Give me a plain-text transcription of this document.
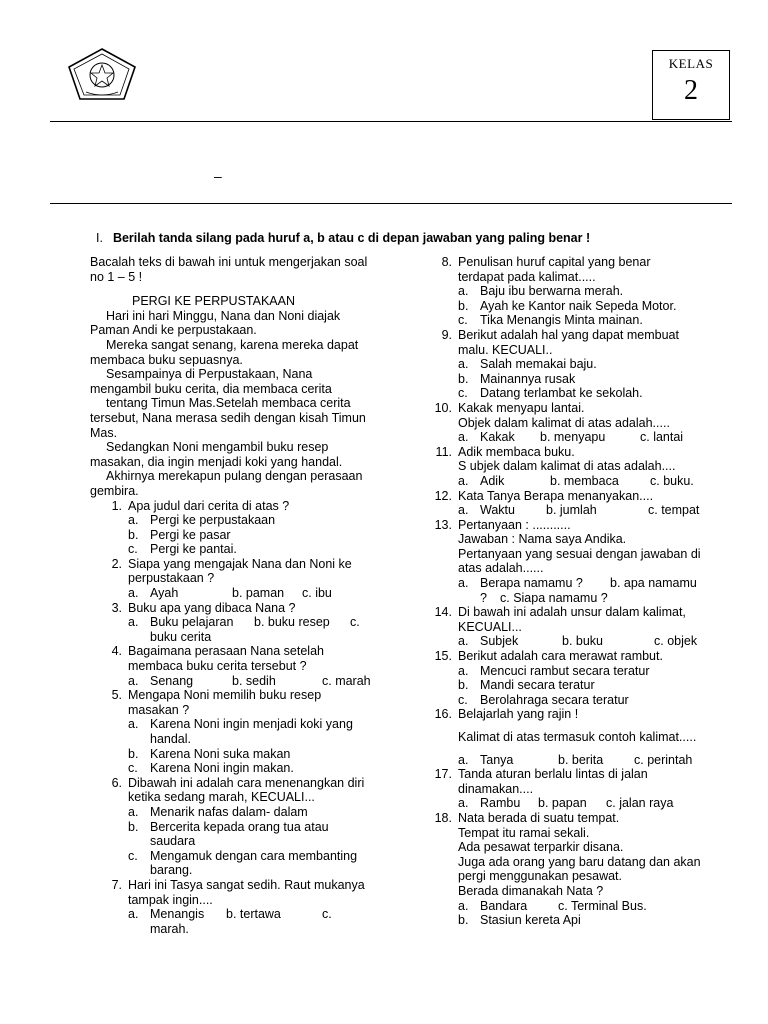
KELAS
2
–
I. Berilah tanda silang pada huruf a, b atau c di depan jawaban yang paling benar !

Bacalah teks di bawah ini untuk mengerjakan soal

no 1 – 5 !

PERGI KE PERPUSTAKAAN

Hari ini hari Minggu, Nana dan Noni diajak

Paman Andi ke perpustakaan.

Mereka sangat senang, karena mereka dapat

membaca buku sepuasnya.

Sesampainya di Perpustakaan, Nana

mengambil buku cerita, dia membaca cerita

tentang Timun Mas.Setelah membaca cerita

tersebut, Nana merasa sedih dengan kisah Timun

Mas.

Sedangkan Noni mengambil buku resep

masakan, dia ingin menjadi koki yang handal.

Akhirnya merekapun pulang dengan perasaan

gembira.

1. Apa judul dari cerita di atas ?
a. Pergi ke perpustakaan
b. Pergi ke pasar
c. Pergi ke pantai.
2. Siapa yang mengajak Nana dan Noni ke

perpustakaan ?

a. Ayah	b. paman	c. ibu
3. Buku apa yang dibaca Nana ?
a. Buku pelajaran	b. buku resep	c.

buku cerita

4. Bagaimana perasaan Nana setelah

membaca buku cerita tersebut ?

a. Senang	b. sedih	c. marah
5. Mengapa Noni memilih buku resep

masakan ?

a. Karena Noni ingin menjadi koki yang

handal.

b. Karena Noni suka makan
c. Karena Noni ingin makan.
6. Dibawah ini adalah cara menenangkan diri

ketika sedang marah, KECUALI...

a. Menarik nafas dalam- dalam
b. Bercerita kepada orang tua atau

saudara

c. Mengamuk dengan cara membanting

barang.

7. Hari ini Tasya sangat sedih. Raut mukanya

tampak ingin....

a. Menangis	b. tertawa	c.

marah.

8. Penulisan huruf capital yang benar

terdapat pada kalimat.....

a. Baju ibu berwarna merah.
b. Ayah ke Kantor naik Sepeda Motor.
c. Tika Menangis Minta mainan.
9. Berikut adalah hal yang dapat membuat

malu. KECUALI..

a. Salah memakai baju.
b. Mainannya rusak
c. Datang terlambat ke sekolah.
10. Kakak menyapu lantai.

Objek dalam kalimat di atas adalah.....

a. Kakak	b. menyapu	c. lantai
11. Adik membaca buku.

S ubjek dalam kalimat di atas adalah....

a. Adik	b. membaca	c. buku.
12. Kata Tanya Berapa menanyakan....
a. Waktu	b. jumlah	c. tempat
13. Pertanyaan : ...........

Jawaban : Nama saya Andika.

Pertanyaan yang sesuai dengan jawaban di

atas adalah......

a. Berapa namamu ?	b. apa namamu
?	c. Siapa namamu ?
14. Di bawah ini adalah unsur dalam kalimat,

KECUALI...

a. Subjek	b. buku	c. objek
15. Berikut adalah cara merawat rambut.
a. Mencuci rambut secara teratur
b. Mandi secara teratur
c. Berolahraga secara teratur
16. Belajarlah yang rajin !

Kalimat di atas termasuk contoh kalimat.....

a. Tanya	b. berita	c. perintah
17. Tanda aturan berlalu lintas di jalan

dinamakan....

a. Rambu	b. papan	c. jalan raya
18. Nata berada di suatu tempat.

Tempat itu ramai sekali.

Ada pesawat terparkir disana.

Juga ada orang yang baru datang dan akan

pergi menggunakan pesawat.

Berada dimanakah Nata ?

a. Bandara	c. Terminal Bus.
b. Stasiun kereta Api
